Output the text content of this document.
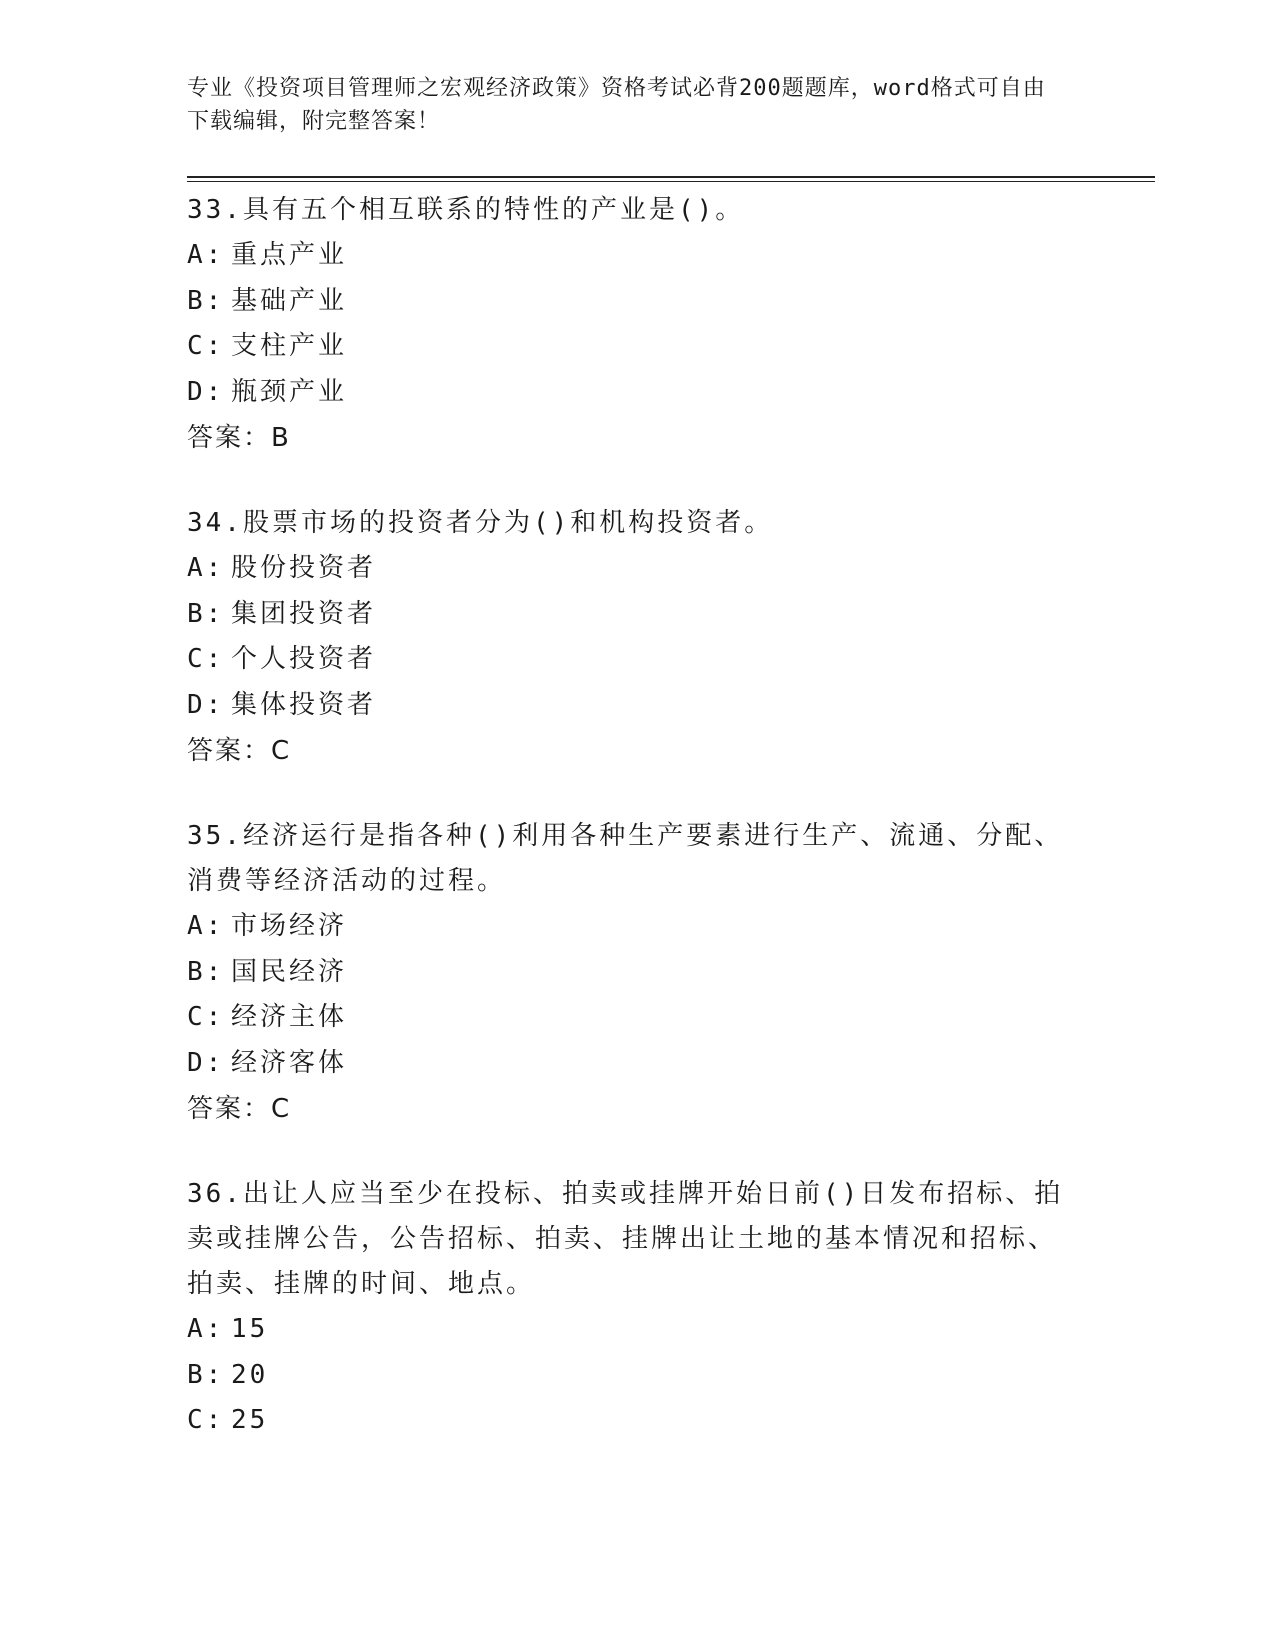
专业《投资项目管理师之宏观经济政策》资格考试必背200题题库，word格式可自由下载编辑，附完整答案！
33.具有五个相互联系的特性的产业是()。
A: 重点产业
B: 基础产业
C: 支柱产业
D: 瓶颈产业
答案：B
34.股票市场的投资者分为()和机构投资者。
A: 股份投资者
B: 集团投资者
C: 个人投资者
D: 集体投资者
答案：C
35.经济运行是指各种()利用各种生产要素进行生产、流通、分配、消费等经济活动的过程。
A: 市场经济
B: 国民经济
C: 经济主体
D: 经济客体
答案：C
36.出让人应当至少在投标、拍卖或挂牌开始日前()日发布招标、拍卖或挂牌公告，公告招标、拍卖、挂牌出让土地的基本情况和招标、拍卖、挂牌的时间、地点。
A: 15
B: 20
C: 25
